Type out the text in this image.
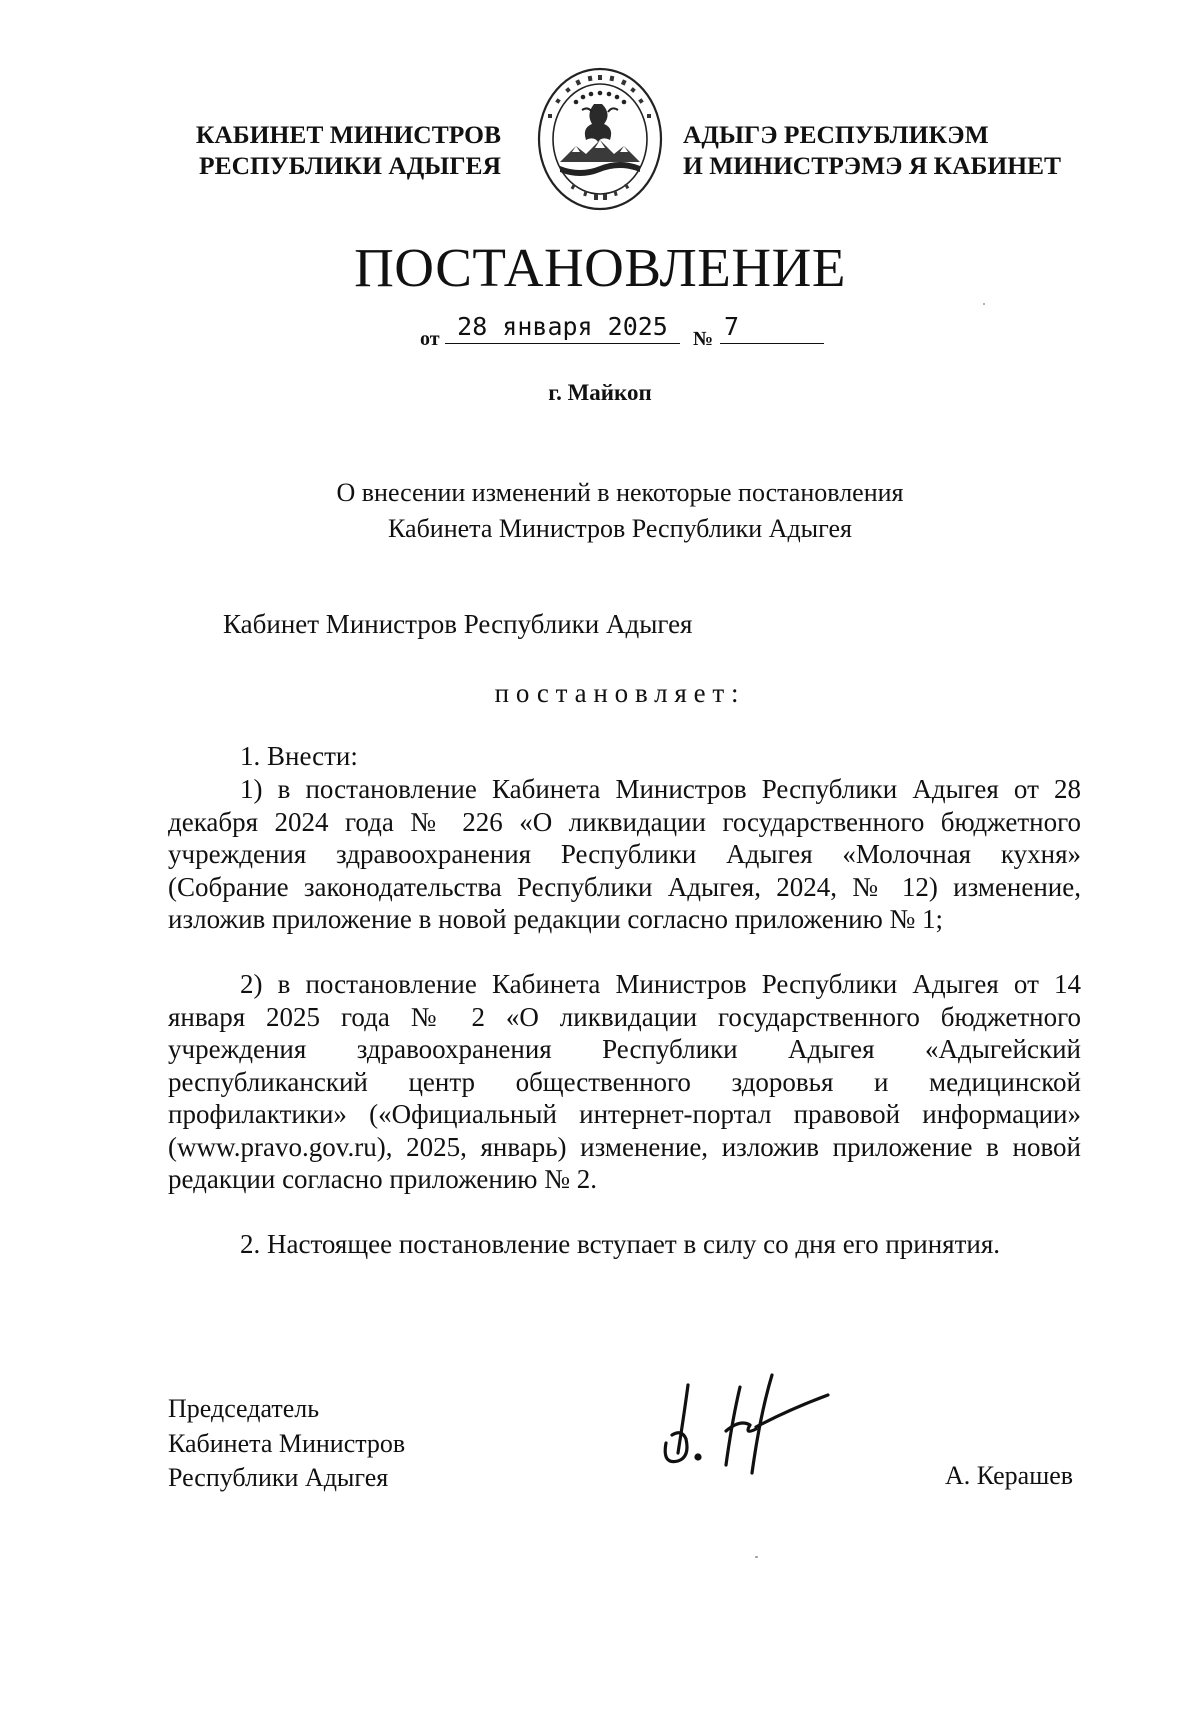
КАБИНЕТ МИНИСТРОВ
РЕСПУБЛИКИ АДЫГЕЯ
АДЫГЭ РЕСПУБЛИКЭМ
И МИНИСТРЭМЭ Я КАБИНЕТ
ПОСТАНОВЛЕНИЕ
от 28 января 2025	№ 7
г. Майкоп
О внесении изменений в некоторые постановления
Кабинета Министров Республики Адыгея
Кабинет Министров Республики Адыгея
постановляет:
1. Внести:
1) в постановление Кабинета Министров Республики Адыгея от 28 декабря 2024 года № 226 «О ликвидации государственного бюджетного учреждения здравоохранения Республики Адыгея «Молочная кухня» (Собрание законодательства Республики Адыгея, 2024, № 12) изменение, изложив приложение в новой редакции согласно приложению № 1;
2) в постановление Кабинета Министров Республики Адыгея от 14 января 2025 года № 2 «О ликвидации государственного бюджетного учреждения здравоохранения Республики Адыгея «Адыгейский республиканский центр общественного здоровья и медицинской профилактики» («Официальный интернет-портал правовой информации» (www.pravo.gov.ru), 2025, январь) изменение, изложив приложение в новой редакции согласно приложению № 2.
2. Настоящее постановление вступает в силу со дня его принятия.
Председатель
Кабинета Министров
Республики Адыгея	А. Керашев
